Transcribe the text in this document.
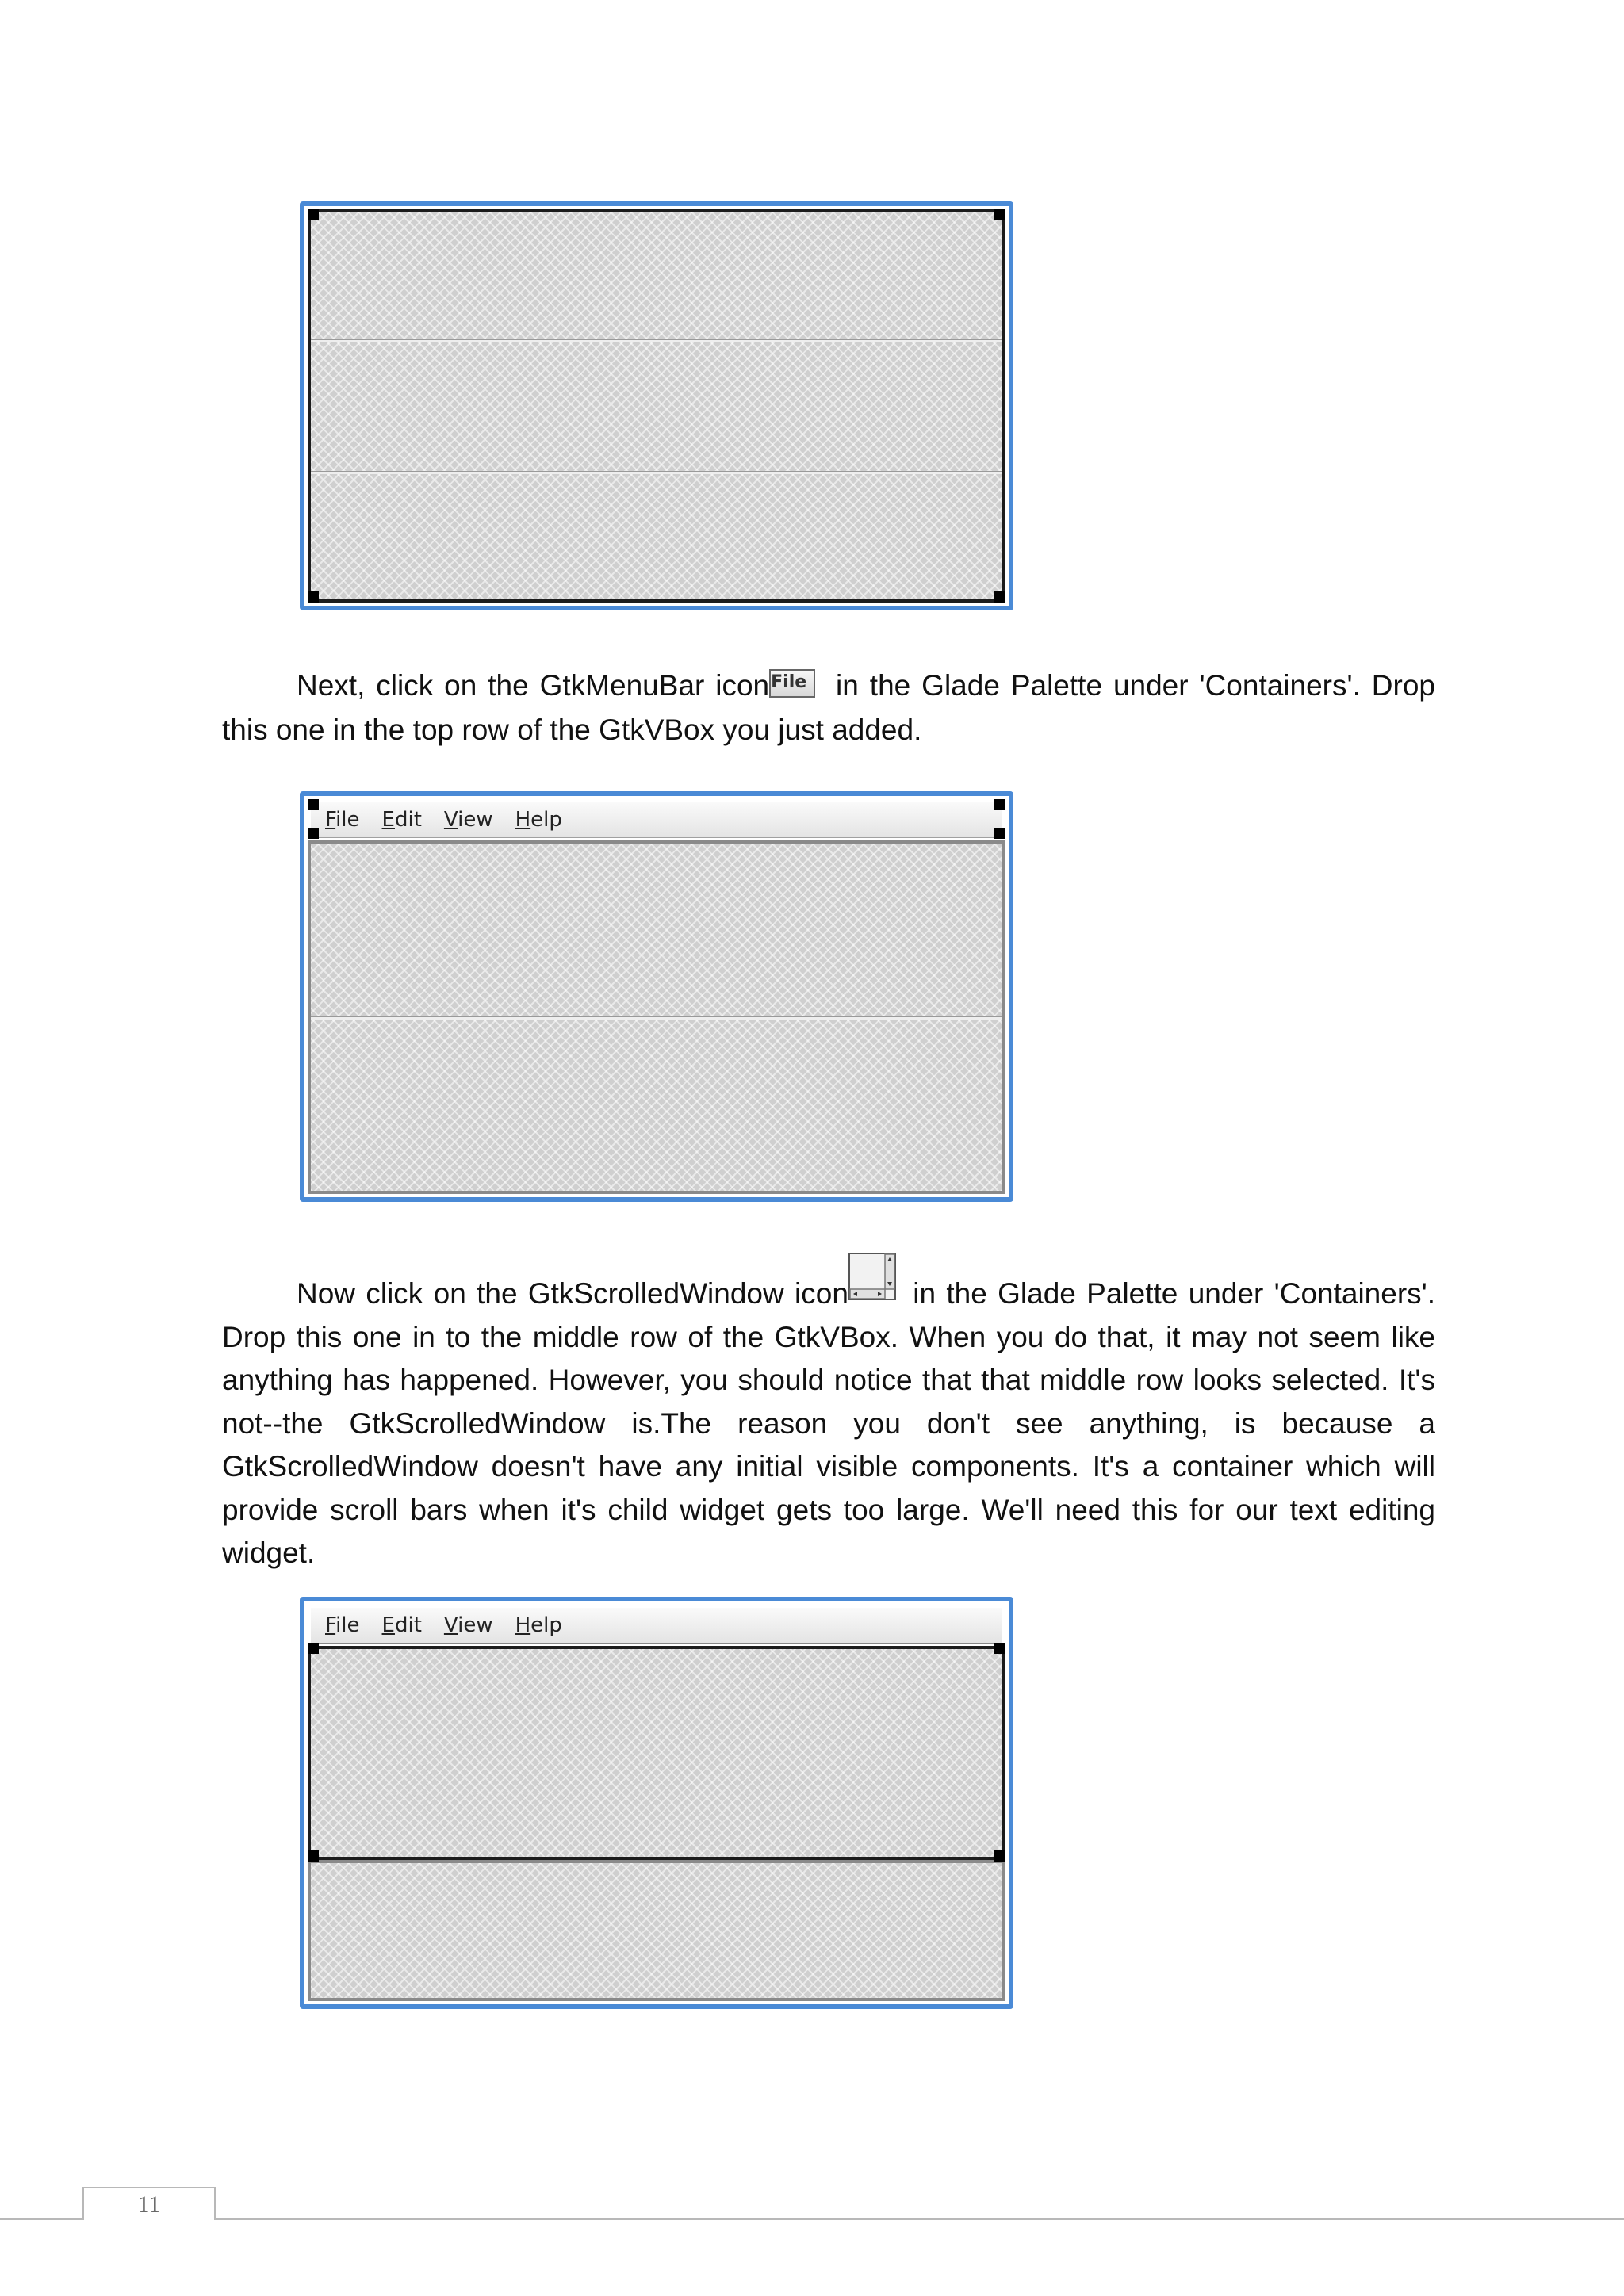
Next, click on the GtkMenuBar iconFile in the Glade Palette under 'Containers'. Drop this one in the top row of the GtkVBox you just added.

File Edit View Help

Now click on the GtkScrolledWindow icon in the Glade Palette under 'Containers'. Drop this one in to the middle row of the GtkVBox. When you do that, it may not seem like anything has happened. However, you should notice that that middle row looks selected. It's not--the GtkScrolledWindow is.The reason you don't see anything, is because a GtkScrolledWindow doesn't have any initial visible components. It's a container which will provide scroll bars when it's child widget gets too large. We'll need this for our text editing widget.

File Edit View Help
11
